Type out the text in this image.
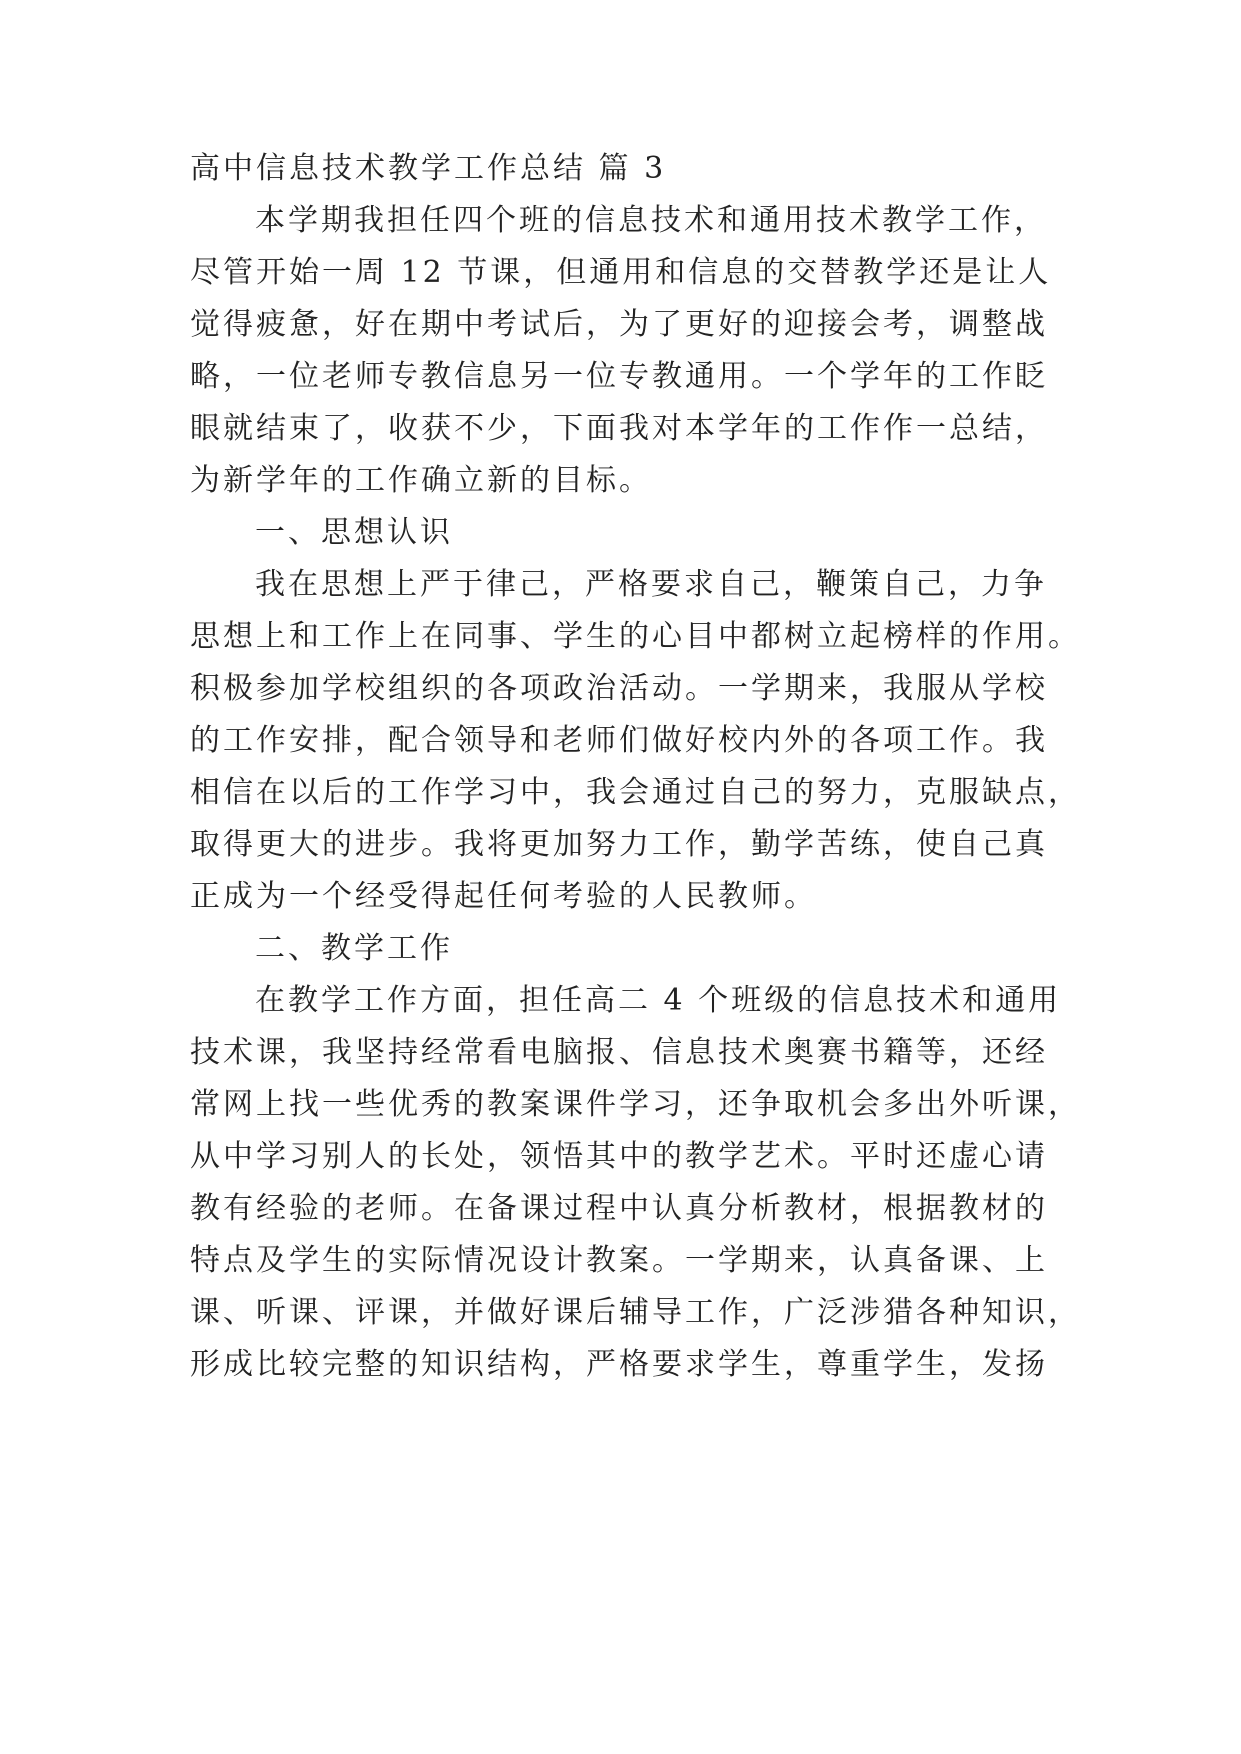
高中信息技术教学工作总结 篇 3
本学期我担任四个班的信息技术和通用技术教学工作，
尽管开始一周 12 节课，但通用和信息的交替教学还是让人
觉得疲惫，好在期中考试后，为了更好的迎接会考，调整战
略，一位老师专教信息另一位专教通用。一个学年的工作眨
眼就结束了，收获不少，下面我对本学年的工作作一总结，
为新学年的工作确立新的目标。
一、思想认识
我在思想上严于律己，严格要求自己，鞭策自己，力争
思想上和工作上在同事、学生的心目中都树立起榜样的作用。
积极参加学校组织的各项政治活动。一学期来，我服从学校
的工作安排，配合领导和老师们做好校内外的各项工作。我
相信在以后的工作学习中，我会通过自己的努力，克服缺点，
取得更大的进步。我将更加努力工作，勤学苦练，使自己真
正成为一个经受得起任何考验的人民教师。
二、教学工作
在教学工作方面，担任高二 4 个班级的信息技术和通用
技术课，我坚持经常看电脑报、信息技术奥赛书籍等，还经
常网上找一些优秀的教案课件学习，还争取机会多出外听课，
从中学习别人的长处，领悟其中的教学艺术。平时还虚心请
教有经验的老师。在备课过程中认真分析教材，根据教材的
特点及学生的实际情况设计教案。一学期来，认真备课、上
课、听课、评课，并做好课后辅导工作，广泛涉猎各种知识，
形成比较完整的知识结构，严格要求学生，尊重学生，发扬
